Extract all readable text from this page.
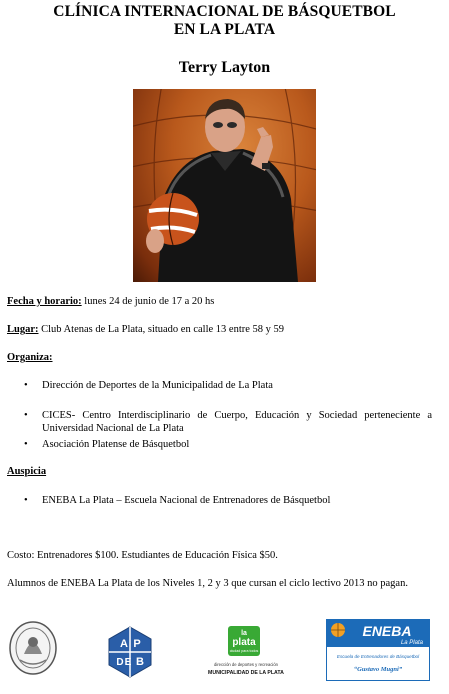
CLÍNICA INTERNACIONAL DE BÁSQUETBOL
EN LA PLATA
Terry Layton
Fecha y horario: lunes 24 de junio de 17 a 20 hs
Lugar: Club Atenas de La Plata, situado en calle 13 entre 58 y 59
Organiza:
• Dirección de Deportes de la Municipalidad de La Plata
• CICES- Centro Interdisciplinario de Cuerpo, Educación y Sociedad perteneciente a Universidad Nacional de La Plata
• Asociación Platense de Básquetbol
Auspicia
• ENEBA La Plata – Escuela Nacional de Entrenadores de Básquetbol
Costo: Entrenadores $100. Estudiantes de Educación Física $50.
Alumnos de ENEBA La Plata de los Niveles 1, 2 y 3 que cursan el ciclo lectivo 2013 no pagan.
A P
D E B
la
plata
ciudad para todos
dirección de deportes y recreación
MUNICIPALIDAD DE LA PLATA
ENEBA
La Plata
Escuela de Entrenadores de Básquetbol
“Gustavo Mugni”
